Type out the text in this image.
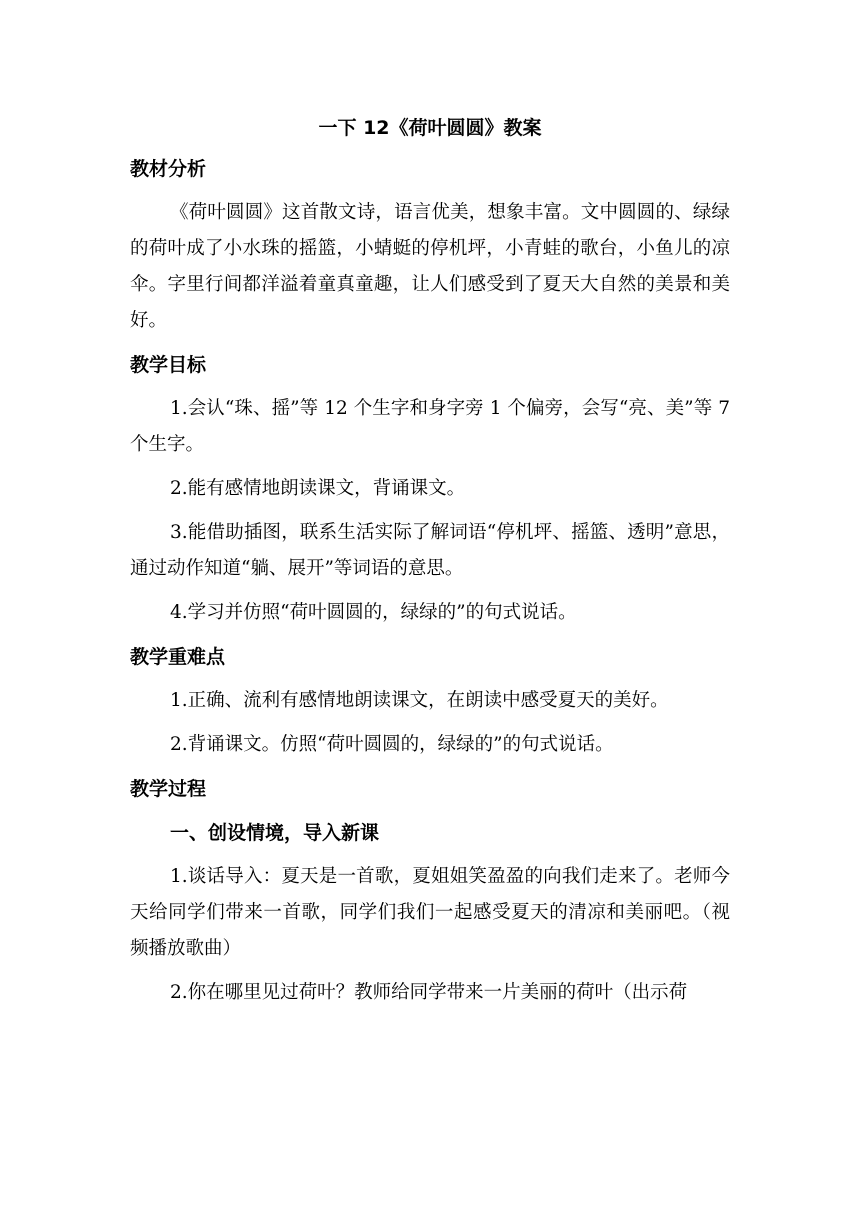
一下 12《荷叶圆圆》教案
教材分析

《荷叶圆圆》这首散文诗，语言优美，想象丰富。文中圆圆的、绿绿的荷叶成了小水珠的摇篮，小蜻蜓的停机坪，小青蛙的歌台，小鱼儿的凉伞。字里行间都洋溢着童真童趣，让人们感受到了夏天大自然的美景和美好。

教学目标

1.会认“珠、摇”等 12 个生字和身字旁 1 个偏旁，会写“亮、美”等 7 个生字。

2.能有感情地朗读课文，背诵课文。

3.能借助插图，联系生活实际了解词语“停机坪、摇篮、透明”意思，通过动作知道“躺、展开”等词语的意思。

4.学习并仿照“荷叶圆圆的，绿绿的”的句式说话。

教学重难点

1.正确、流利有感情地朗读课文，在朗读中感受夏天的美好。

2.背诵课文。仿照“荷叶圆圆的，绿绿的”的句式说话。

教学过程
一、创设情境，导入新课

1.谈话导入：夏天是一首歌，夏姐姐笑盈盈的向我们走来了。老师今天给同学们带来一首歌，同学们我们一起感受夏天的清凉和美丽吧。（视频播放歌曲）

2.你在哪里见过荷叶？教师给同学带来一片美丽的荷叶（出示荷
